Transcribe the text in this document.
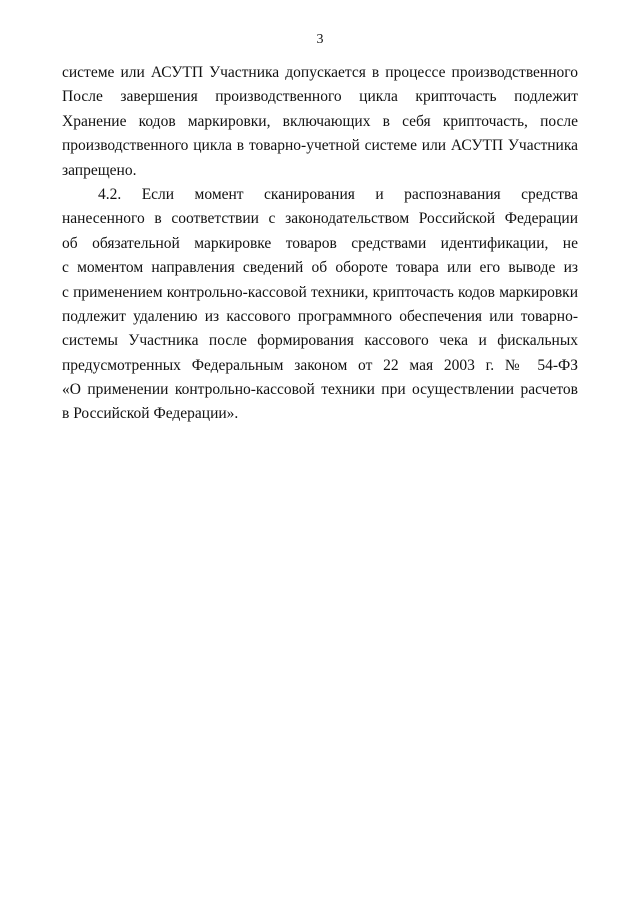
3
системе или АСУТП Участника допускается в процессе производственного
После завершения производственного цикла крипточасть подлежит
Хранение кодов маркировки, включающих в себя крипточасть, после
производственного цикла в товарно-учетной системе или АСУТП Участника
запрещено.
4.2. Если момент сканирования и распознавания средства
нанесенного в соответствии с законодательством Российской Федерации
об обязательной маркировке товаров средствами идентификации, не
с моментом направления сведений об обороте товара или его выводе из
с применением контрольно-кассовой техники, крипточасть кодов маркировки
подлежит удалению из кассового программного обеспечения или товарно-
системы Участника после формирования кассового чека и фискальных
предусмотренных Федеральным законом от 22 мая 2003 г. № 54-ФЗ
«О применении контрольно-кассовой техники при осуществлении расчетов
в Российской Федерации».
